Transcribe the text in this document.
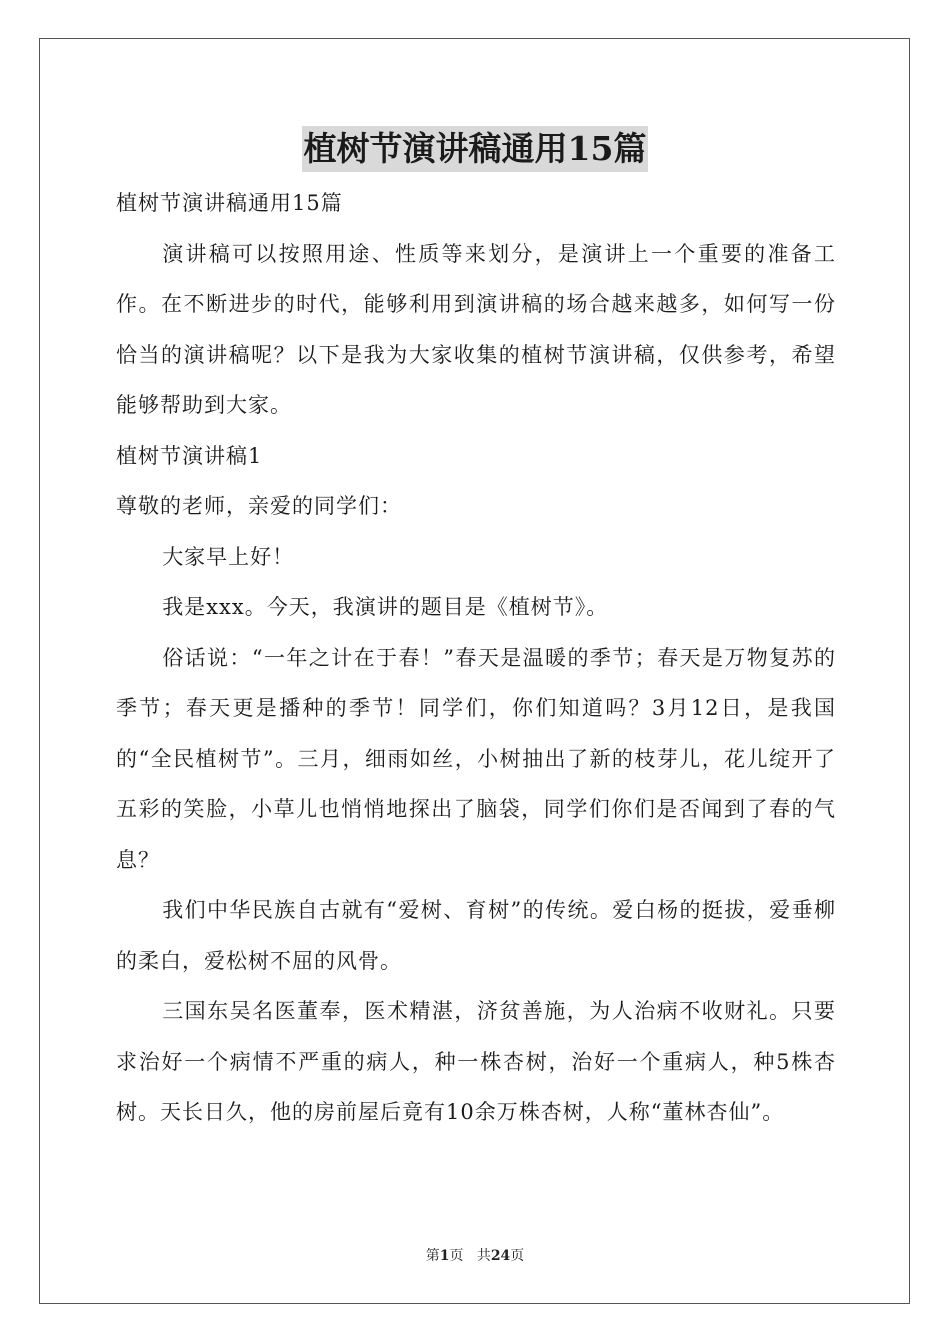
植树节演讲稿通用15篇

植树节演讲稿通用15篇

演讲稿可以按照用途、性质等来划分，是演讲上一个重要的准备工作。在不断进步的时代，能够利用到演讲稿的场合越来越多，如何写一份恰当的演讲稿呢？以下是我为大家收集的植树节演讲稿，仅供参考，希望能够帮助到大家。

植树节演讲稿1

尊敬的老师，亲爱的同学们：

大家早上好！

我是xxx。今天，我演讲的题目是《植树节》。

俗话说：“一年之计在于春！”春天是温暖的季节；春天是万物复苏的季节；春天更是播种的季节！同学们，你们知道吗？3月12日，是我国的“全民植树节”。三月，细雨如丝，小树抽出了新的枝芽儿，花儿绽开了五彩的笑脸，小草儿也悄悄地探出了脑袋，同学们你们是否闻到了春的气息？

我们中华民族自古就有“爱树、育树”的传统。爱白杨的挺拔，爱垂柳的柔白，爱松树不屈的风骨。

三国东吴名医董奉，医术精湛，济贫善施，为人治病不收财礼。只要求治好一个病情不严重的病人，种一株杏树，治好一个重病人，种5株杏树。天长日久，他的房前屋后竟有10余万株杏树，人称“董林杏仙”。

第1页 共24页
